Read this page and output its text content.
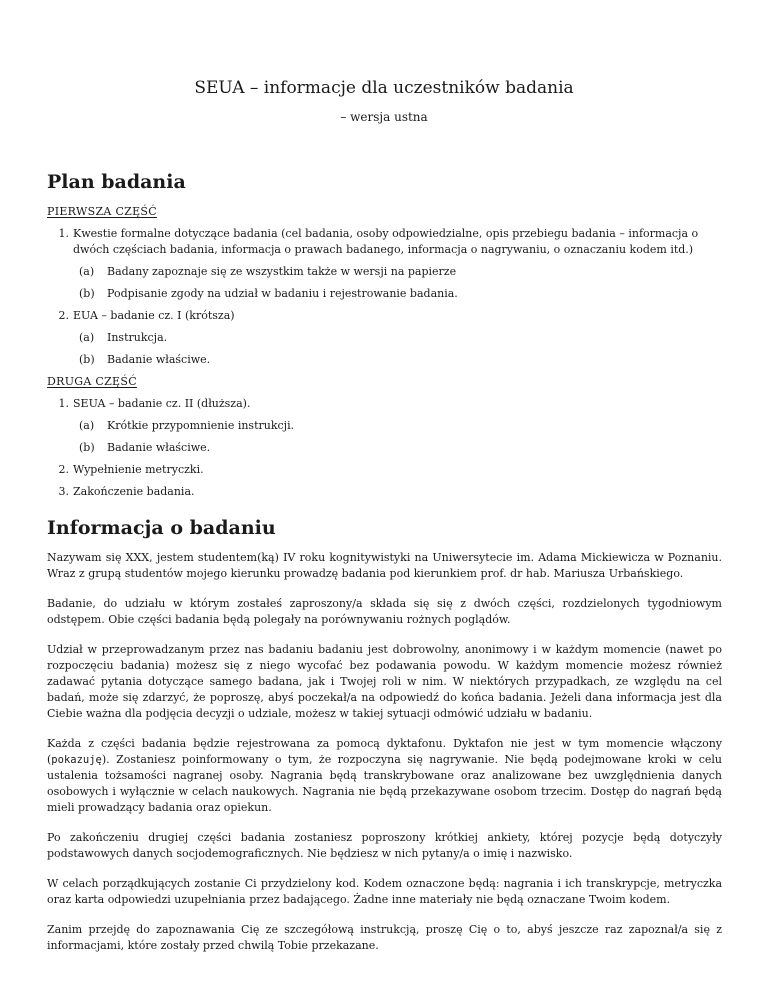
SEUA – informacje dla uczestników badania
– wersja ustna
Plan badania
PIERWSZA CZĘŚĆ
1. Kwestie formalne dotyczące badania (cel badania, osoby odpowiedzialne, opis przebiegu badania – informacja o dwóch częściach badania, informacja o prawach badanego, informacja o nagrywaniu, o oznaczaniu kodem itd.)
(a) Badany zapoznaje się ze wszystkim także w wersji na papierze
(b) Podpisanie zgody na udział w badaniu i rejestrowanie badania.
2. EUA – badanie cz. I (krótsza)
(a) Instrukcja.
(b) Badanie właściwe.
DRUGA CZĘŚĆ
1. SEUA – badanie cz. II (dłuższa).
(a) Krótkie przypomnienie instrukcji.
(b) Badanie właściwe.
2. Wypełnienie metryczki.
3. Zakończenie badania.
Informacja o badaniu

Nazywam się XXX, jestem studentem(ką) IV roku kognitywistyki na Uniwersytecie im. Adama Mickiewicza w Poznaniu. Wraz z grupą studentów mojego kierunku prowadzę badania pod kierunkiem prof. dr hab. Mariusza Urbańskiego.

Badanie, do udziału w którym zostałeś zaproszony/a składa się się z dwóch części, rozdzielonych tygodniowym odstępem. Obie części badania będą polegały na porównywaniu rożnych poglądów.

Udział w przeprowadzanym przez nas badaniu badaniu jest dobrowolny, anonimowy i w każdym momencie (nawet po rozpoczęciu badania) możesz się z niego wycofać bez podawania powodu. W każdym momencie możesz również zadawać pytania dotyczące samego badana, jak i Twojej roli w nim. W niektórych przypadkach, ze względu na cel badań, może się zdarzyć, że poproszę, abyś poczekał/a na odpowiedź do końca badania. Jeżeli dana informacja jest dla Ciebie ważna dla podjęcia decyzji o udziale, możesz w takiej sytuacji odmówić udziału w badaniu.

Każda z części badania będzie rejestrowana za pomocą dyktafonu. Dyktafon nie jest w tym momencie włączony (pokazuję). Zostaniesz poinformowany o tym, że rozpoczyna się nagrywanie. Nie będą podejmowane kroki w celu ustalenia tożsamości nagranej osoby. Nagrania będą transkrybowane oraz analizowane bez uwzględnienia danych osobowych i wyłącznie w celach naukowych. Nagrania nie będą przekazywane osobom trzecim. Dostęp do nagrań będą mieli prowadzący badania oraz opiekun.

Po zakończeniu drugiej części badania zostaniesz poproszony krótkiej ankiety, której pozycje będą dotyczyły podstawowych danych socjodemograficznych. Nie będziesz w nich pytany/a o imię i nazwisko.

W celach porządkujących zostanie Ci przydzielony kod. Kodem oznaczone będą: nagrania i ich transkrypcje, metryczka oraz karta odpowiedzi uzupełniania przez badającego. Żadne inne materiały nie będą oznaczane Twoim kodem.

Zanim przejdę do zapoznawania Cię ze szczegółową instrukcją, proszę Cię o to, abyś jeszcze raz zapoznał/a się z informacjami, które zostały przed chwilą Tobie przekazane.
